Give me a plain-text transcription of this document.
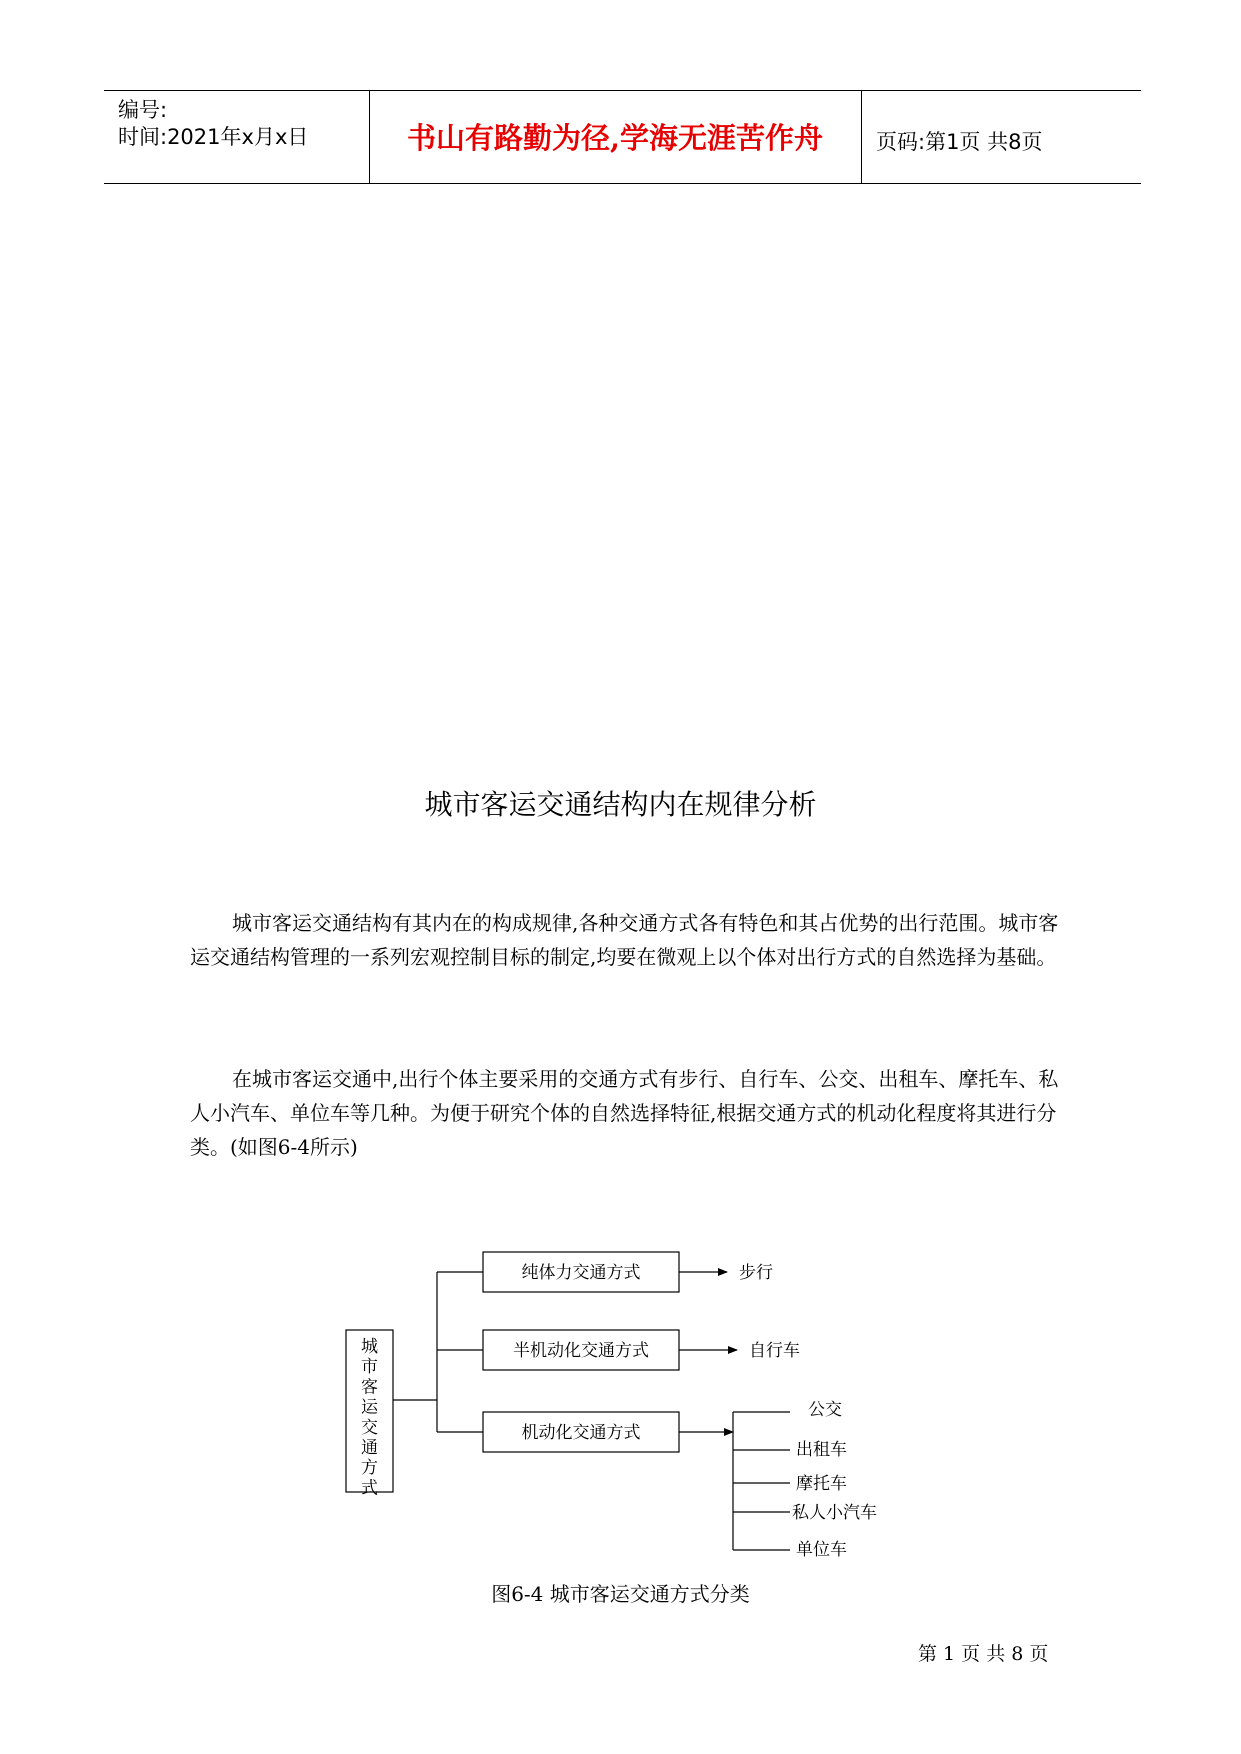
编号:
时间:2021年x月x日	书山有路勤为径,学海无涯苦作舟	页码:第1页 共8页
城市客运交通结构内在规律分析

城市客运交通结构有其内在的构成规律,各种交通方式各有特色和其占优势的出行范围。城市客运交通结构管理的一系列宏观控制目标的制定,均要在微观上以个体对出行方式的自然选择为基础。

在城市客运交通中,出行个体主要采用的交通方式有步行、自行车、公交、出租车、摩托车、私人小汽车、单位车等几种。为便于研究个体的自然选择特征,根据交通方式的机动化程度将其进行分类。(如图6-4所示)

城
市
客
运
交
通
方
式
纯体力交通方式
半机动化交通方式
机动化交通方式
步行
自行车
公交
出租车
摩托车
私人小汽车
单位车
图6-4 城市客运交通方式分类
第 1 页 共 8 页
